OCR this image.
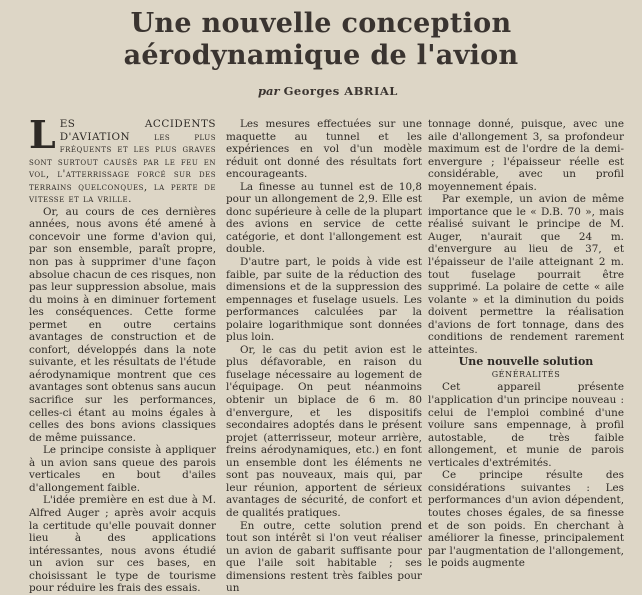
Une nouvelle conception
aérodynamique de l'avion
par Georges ABRIAL

LES ACCIDENTS D'AVIATION les plus fréquents et les plus graves sont surtout causés par le feu en vol, l'atterrissage forcé sur des terrains quelconques, la perte de vitesse et la vrille.

Or, au cours de ces dernières années, nous avons été amené à concevoir une forme d'avion qui, par son ensemble, paraît propre, non pas à supprimer d'une façon absolue chacun de ces risques, non pas leur suppression absolue, mais du moins à en diminuer fortement les conséquences. Cette forme permet en outre certains avantages de construction et de confort, développés dans la note suivante, et les résultats de l'étude aérodynamique montrent que ces avantages sont obtenus sans aucun sacrifice sur les performances, celles-ci étant au moins égales à celles des bons avions classiques de même puissance.

Le principe consiste à appliquer à un avion sans queue des parois verticales en bout d'ailes d'allongement faible.

L'idée première en est due à M. Alfred Auger ; après avoir acquis la certitude qu'elle pouvait donner lieu à des applications intéressantes, nous avons étudié un avion sur ces bases, en choisissant le type de tourisme pour réduire les frais des essais.

Les mesures effectuées sur une maquette au tunnel et les expériences en vol d'un modèle réduit ont donné des résultats fort encourageants.

La finesse au tunnel est de 10,8 pour un allongement de 2,9. Elle est donc supérieure à celle de la plupart des avions en service de cette catégorie, et dont l'allongement est double.

D'autre part, le poids à vide est faible, par suite de la réduction des dimensions et de la suppression des empennages et fuselage usuels. Les performances calculées par la polaire logarithmique sont données plus loin.

Or, le cas du petit avion est le plus défavorable, en raison du fuselage nécessaire au logement de l'équipage. On peut néanmoins obtenir un biplace de 6 m. 80 d'envergure, et les dispositifs secondaires adoptés dans le présent projet (atterrisseur, moteur arrière, freins aérodynamiques, etc.) en font un ensemble dont les éléments ne sont pas nouveaux, mais qui, par leur réunion, apportent de sérieux avantages de sécurité, de confort et de qualités pratiques.

En outre, cette solution prend tout son intérêt si l'on veut réaliser un avion de gabarit suffisante pour que l'aile soit habitable ; ses dimensions restent très faibles pour un

tonnage donné, puisque, avec une aile d'allongement 3, sa profondeur maximum est de l'ordre de la demi-envergure ; l'épaisseur réelle est considérable, avec un profil moyennement épais.

Par exemple, un avion de même importance que le « D.B. 70 », mais réalisé suivant le principe de M. Auger, n'aurait que 24 m. d'envergure au lieu de 37, et l'épaisseur de l'aile atteignant 2 m. tout fuselage pourrait être supprimé. La polaire de cette « aile volante » et la diminution du poids doivent permettre la réalisation d'avions de fort tonnage, dans des conditions de rendement rarement atteintes.

Une nouvelle solution

GÉNÉRALITÉS

Cet appareil présente l'application d'un principe nouveau : celui de l'emploi combiné d'une voilure sans empennage, à profil autostable, de très faible allongement, et munie de parois verticales d'extrémités.

Ce principe résulte des considérations suivantes : Les performances d'un avion dépendent, toutes choses égales, de sa finesse et de son poids. En cherchant à améliorer la finesse, principalement par l'augmentation de l'allongement, le poids augmente
